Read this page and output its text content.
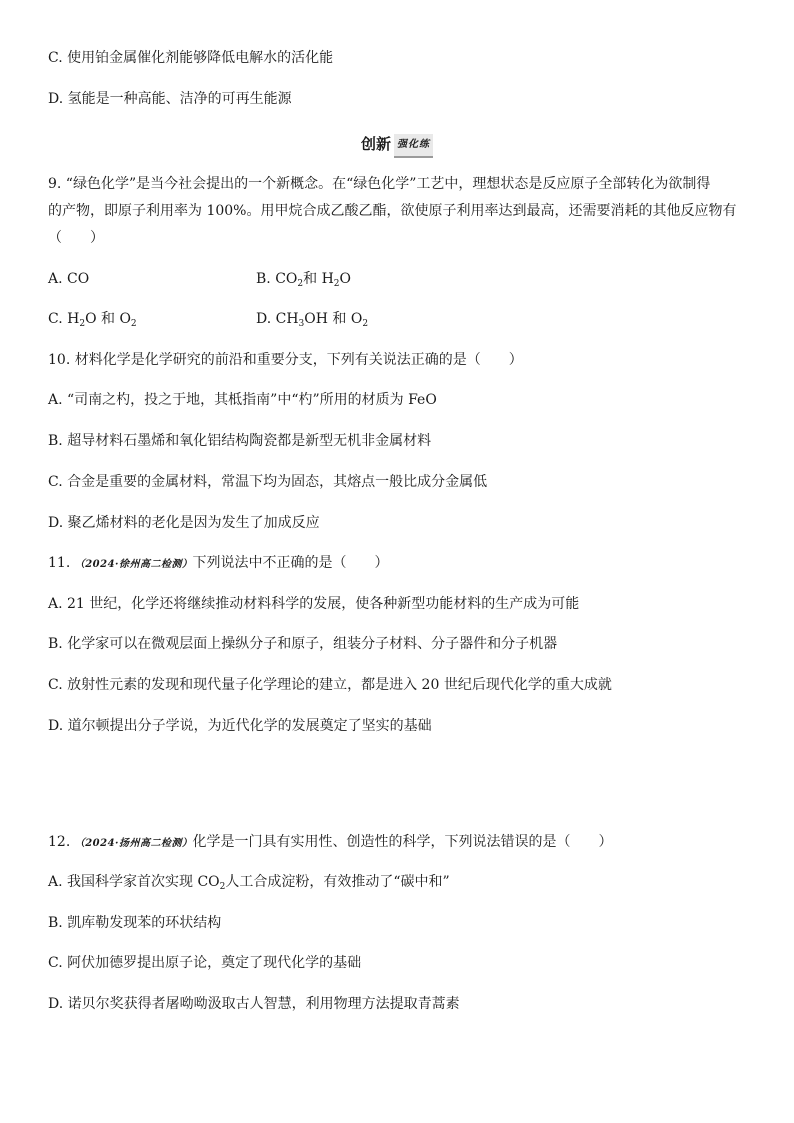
C. 使用铂金属催化剂能够降低电解水的活化能
D. 氢能是一种高能、洁净的可再生能源
创新 强化练
9. “绿色化学”是当今社会提出的一个新概念。在“绿色化学”工艺中，理想状态是反应原子全部转化为欲制得
的产物，即原子利用率为 100%。用甲烷合成乙酸乙酯，欲使原子利用率达到最高，还需要消耗的其他反应物有
（　　）
A. CO	B. $CO_2$和 $H_2O$
C. $H_2O$ 和 $O_2$	D. $CH_3OH$ 和 $O_2$
10. 材料化学是化学研究的前沿和重要分支，下列有关说法正确的是（　　）
A. “司南之杓，投之于地，其柢指南”中“杓”所用的材质为 FeO
B. 超导材料石墨烯和氧化铝结构陶瓷都是新型无机非金属材料
C. 合金是重要的金属材料，常温下均为固态，其熔点一般比成分金属低
D. 聚乙烯材料的老化是因为发生了加成反应
11. （2024·徐州高二检测）下列说法中不正确的是（　　）
A. 21 世纪，化学还将继续推动材料科学的发展，使各种新型功能材料的生产成为可能
B. 化学家可以在微观层面上操纵分子和原子，组装分子材料、分子器件和分子机器
C. 放射性元素的发现和现代量子化学理论的建立，都是进入 20 世纪后现代化学的重大成就
D. 道尔顿提出分子学说，为近代化学的发展奠定了坚实的基础
12. （2024·扬州高二检测）化学是一门具有实用性、创造性的科学，下列说法错误的是（　　）
A. 我国科学家首次实现 $CO_2$人工合成淀粉，有效推动了“碳中和”
B. 凯库勒发现苯的环状结构
C. 阿伏加德罗提出原子论，奠定了现代化学的基础
D. 诺贝尔奖获得者屠呦呦汲取古人智慧，利用物理方法提取青蒿素
